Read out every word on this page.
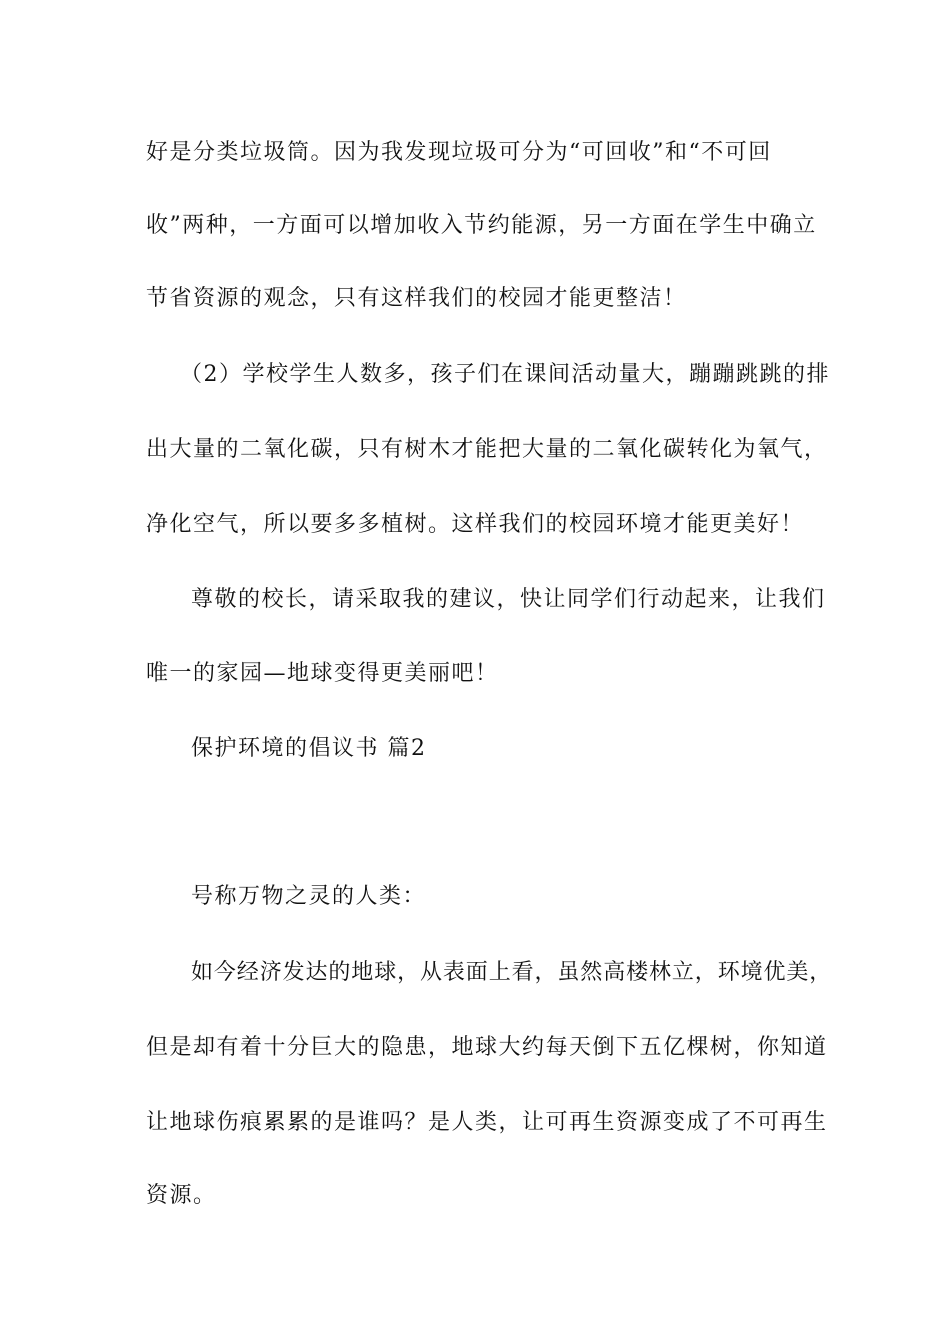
好是分类垃圾筒。因为我发现垃圾可分为“可回收”和“不可回
收”两种，一方面可以增加收入节约能源，另一方面在学生中确立
节省资源的观念，只有这样我们的校园才能更整洁！
（2）学校学生人数多，孩子们在课间活动量大，蹦蹦跳跳的排
出大量的二氧化碳，只有树木才能把大量的二氧化碳转化为氧气，
净化空气，所以要多多植树。这样我们的校园环境才能更美好！
尊敬的校长，请采取我的建议，快让同学们行动起来，让我们
唯一的家园—地球变得更美丽吧！
保护环境的倡议书 篇2
号称万物之灵的人类：
如今经济发达的地球，从表面上看，虽然高楼林立，环境优美，
但是却有着十分巨大的隐患，地球大约每天倒下五亿棵树，你知道
让地球伤痕累累的是谁吗？是人类，让可再生资源变成了不可再生
资源。
